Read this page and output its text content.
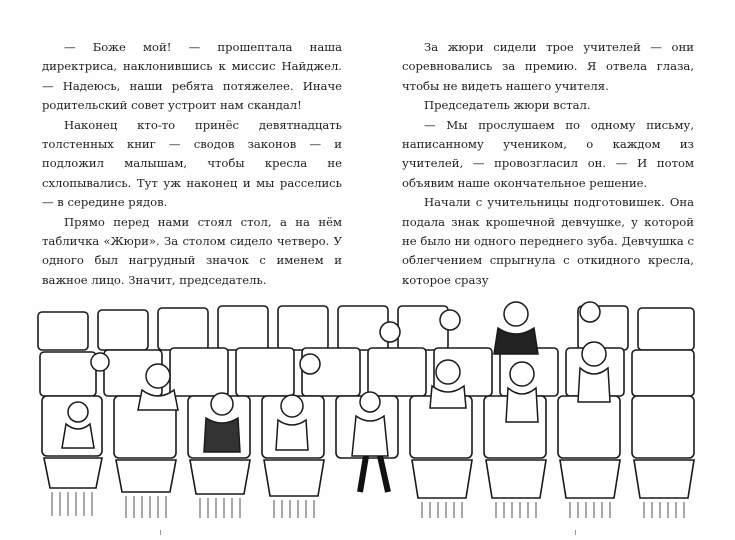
— Боже мой! — прошептала наша директриса, наклонившись к миссис Найджел. — Надеюсь, наши ребята потяжелее. Иначе родительский совет устроит нам скандал!

Наконец кто-то принёс девятнадцать толстенных книг — сводов законов — и подложил малышам, чтобы кресла не схлопывались. Тут уж наконец и мы расселись — в середине рядов.

Прямо перед нами стоял стол, а на нём табличка «Жюри». За столом сидело четверо. У одного был нагрудный значок с именем и важное лицо. Значит, председатель.

За жюри сидели трое учителей — они соревновались за премию. Я отвела глаза, чтобы не видеть нашего учителя.

Председатель жюри встал.

— Мы прослушаем по одному письму, написанному учеником, о каждом из учителей, — провозгласил он. — И потом объявим наше окончательное решение.

Начали с учительницы подготовишек. Она подала знак крошечной девчушке, у которой не было ни одного переднего зуба. Девчушка с облегчением спрыгнула с откидного кресла, которое сразу
